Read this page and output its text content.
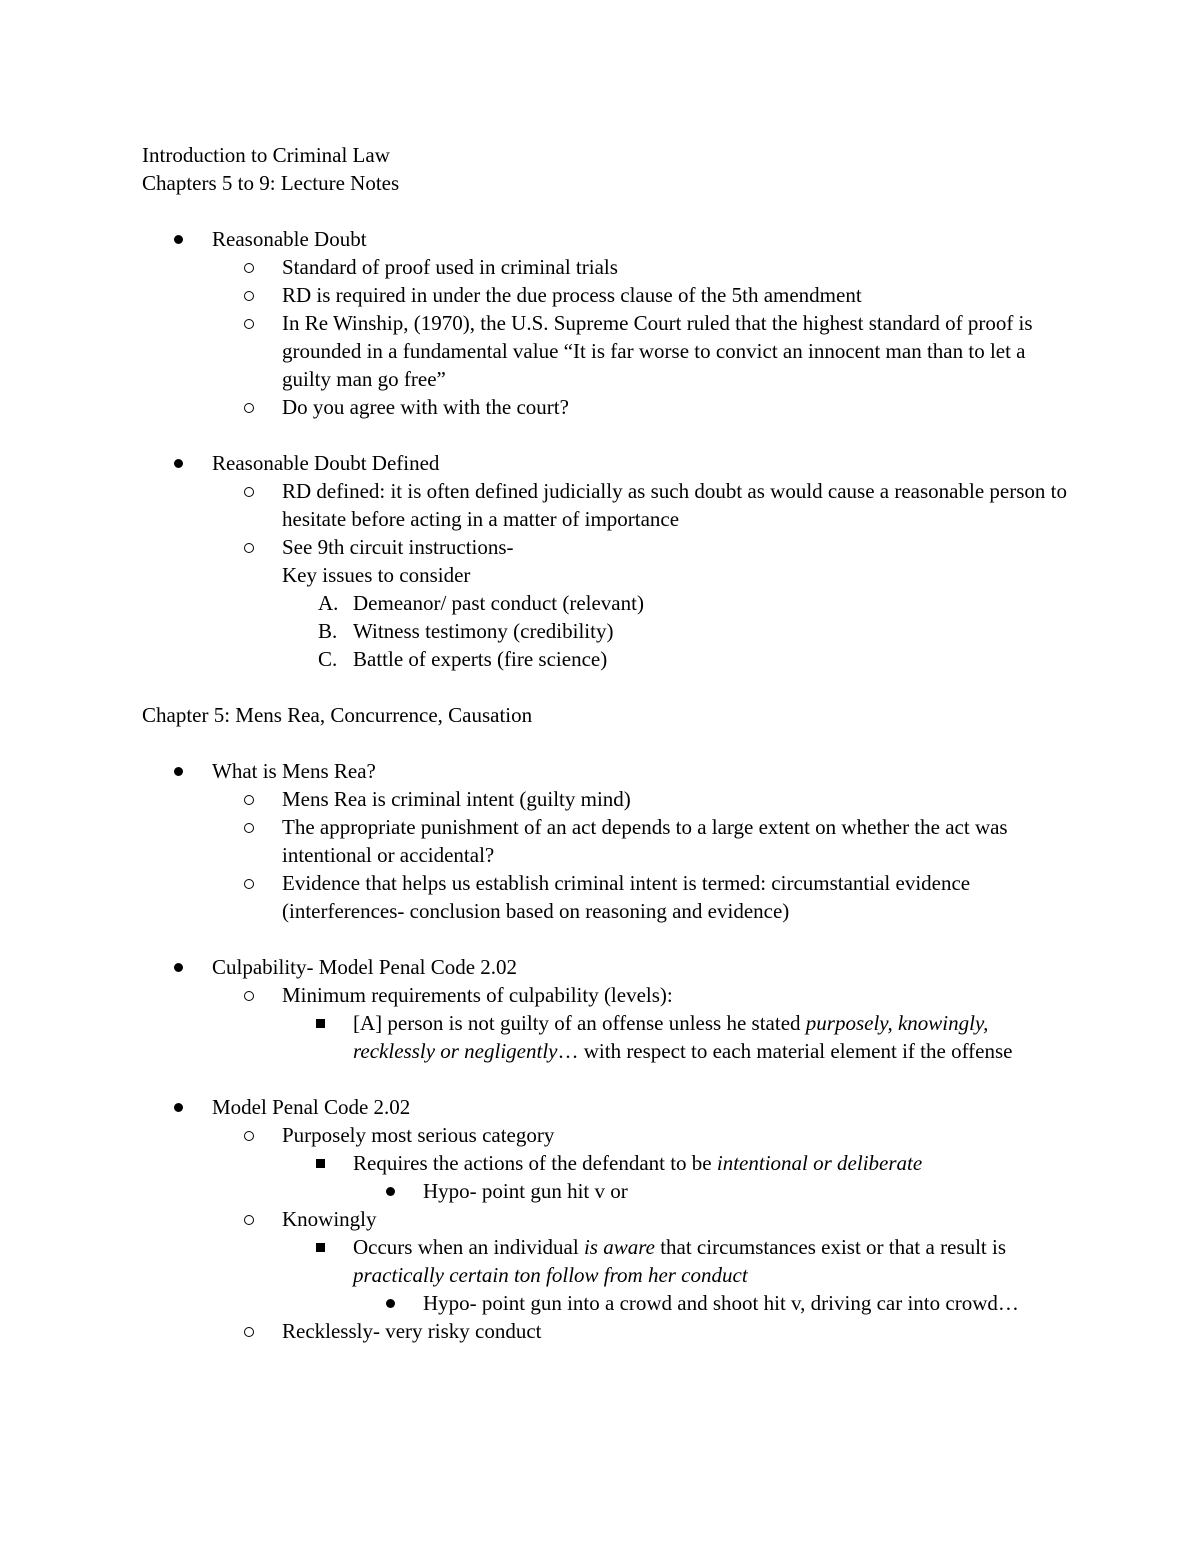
Introduction to Criminal Law
Chapters 5 to 9: Lecture Notes
Reasonable Doubt
Standard of proof used in criminal trials
RD is required in under the due process clause of the 5th amendment
In Re Winship, (1970), the U.S. Supreme Court ruled that the highest standard of proof is grounded in a fundamental value “It is far worse to convict an innocent man than to let a guilty man go free”
Do you agree with with the court?
Reasonable Doubt Defined
RD defined: it is often defined judicially as such doubt as would cause a reasonable person to hesitate before acting in a matter of importance
See 9th circuit instructions-
Key issues to consider
A. Demeanor/ past conduct (relevant)
B. Witness testimony (credibility)
C. Battle of experts (fire science)
Chapter 5: Mens Rea, Concurrence, Causation
What is Mens Rea?
Mens Rea is criminal intent (guilty mind)
The appropriate punishment of an act depends to a large extent on whether the act was intentional or accidental?
Evidence that helps us establish criminal intent is termed: circumstantial evidence (interferences- conclusion based on reasoning and evidence)
Culpability- Model Penal Code 2.02
Minimum requirements of culpability (levels):
[A] person is not guilty of an offense unless he stated purposely, knowingly, recklessly or negligently… with respect to each material element if the offense
Model Penal Code 2.02
Purposely most serious category
Requires the actions of the defendant to be intentional or deliberate
Hypo- point gun hit v or
Knowingly
Occurs when an individual is aware that circumstances exist or that a result is practically certain ton follow from her conduct
Hypo- point gun into a crowd and shoot hit v, driving car into crowd…
Recklessly- very risky conduct
